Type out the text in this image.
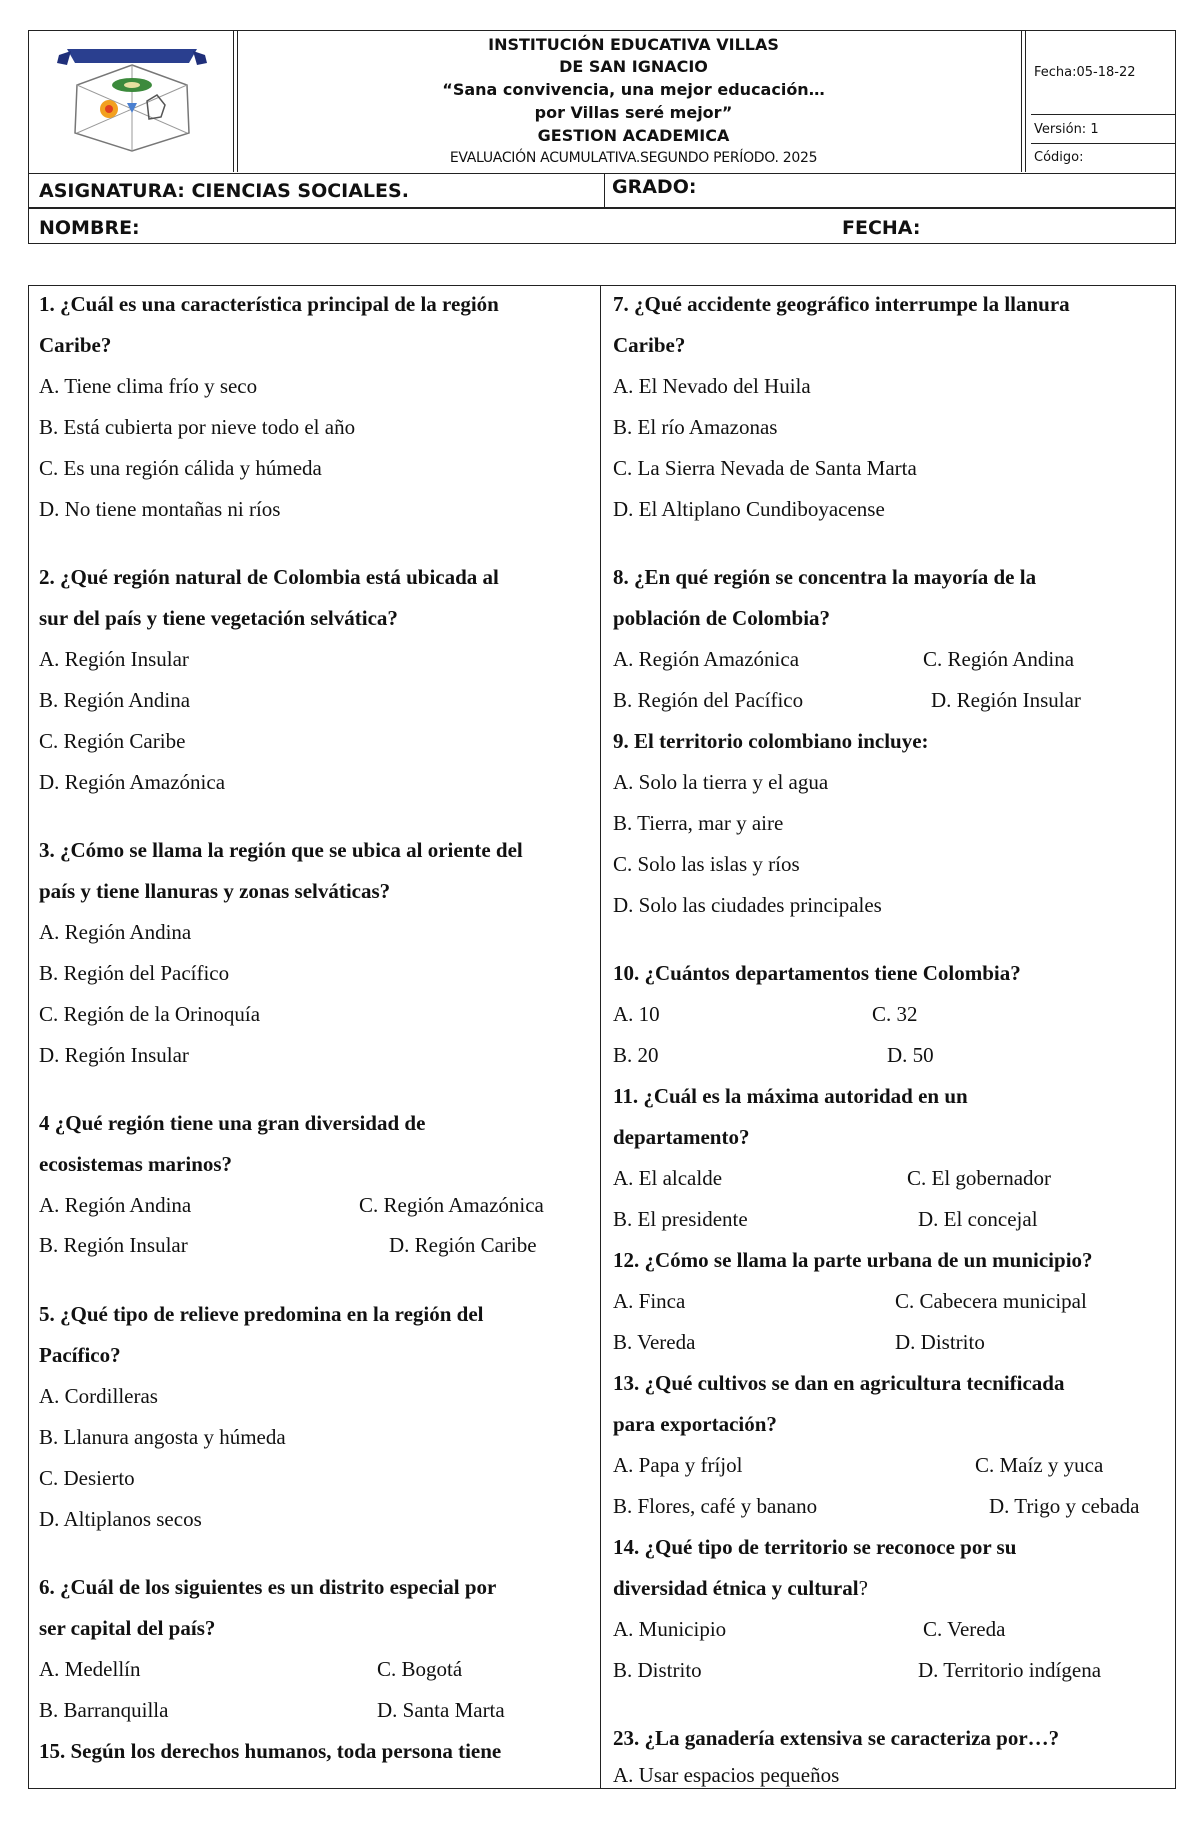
INSTITUCIÓN EDUCATIVA VILLAS
DE SAN IGNACIO
“Sana convivencia, una mejor educación…
por Villas seré mejor”
GESTION ACADEMICA
EVALUACIÓN ACUMULATIVA.SEGUNDO PERÍODO. 2025
Fecha:05-18-22
Versión: 1
Código:
ASIGNATURA: CIENCIAS SOCIALES.	GRADO:
NOMBRE:	FECHA:
1. ¿Cuál es una característica principal de la región
Caribe?
A. Tiene clima frío y seco
B. Está cubierta por nieve todo el año
C. Es una región cálida y húmeda
D. No tiene montañas ni ríos
2. ¿Qué región natural de Colombia está ubicada al
sur del país y tiene vegetación selvática?
A. Región Insular
B. Región Andina
C. Región Caribe
D. Región Amazónica
3. ¿Cómo se llama la región que se ubica al oriente del
país y tiene llanuras y zonas selváticas?
A. Región Andina
B. Región del Pacífico
C. Región de la Orinoquía
D. Región Insular
4 ¿Qué región tiene una gran diversidad de
ecosistemas marinos?
A. Región Andina	C. Región Amazónica
B. Región Insular	D. Región Caribe
5. ¿Qué tipo de relieve predomina en la región del
Pacífico?
A. Cordilleras
B. Llanura angosta y húmeda
C. Desierto
D. Altiplanos secos
6. ¿Cuál de los siguientes es un distrito especial por
ser capital del país?
A. Medellín	C. Bogotá
B. Barranquilla	D. Santa Marta
15. Según los derechos humanos, toda persona tiene
7. ¿Qué accidente geográfico interrumpe la llanura
Caribe?
A. El Nevado del Huila
B. El río Amazonas
C. La Sierra Nevada de Santa Marta
D. El Altiplano Cundiboyacense
8. ¿En qué región se concentra la mayoría de la
población de Colombia?
A. Región Amazónica	C. Región Andina
B. Región del Pacífico	D. Región Insular
9. El territorio colombiano incluye:
A. Solo la tierra y el agua
B. Tierra, mar y aire
C. Solo las islas y ríos
D. Solo las ciudades principales
10. ¿Cuántos departamentos tiene Colombia?
A. 10	C. 32
B. 20	D. 50
11. ¿Cuál es la máxima autoridad en un
departamento?
A. El alcalde	C. El gobernador
B. El presidente	D. El concejal
12. ¿Cómo se llama la parte urbana de un municipio?
A. Finca	C. Cabecera municipal
B. Vereda	D. Distrito
13. ¿Qué cultivos se dan en agricultura tecnificada
para exportación?
A. Papa y fríjol	C. Maíz y yuca
B. Flores, café y banano	D. Trigo y cebada
14. ¿Qué tipo de territorio se reconoce por su
diversidad étnica y cultural?
A. Municipio	C. Vereda
B. Distrito	D. Territorio indígena
23. ¿La ganadería extensiva se caracteriza por…?
A. Usar espacios pequeños
